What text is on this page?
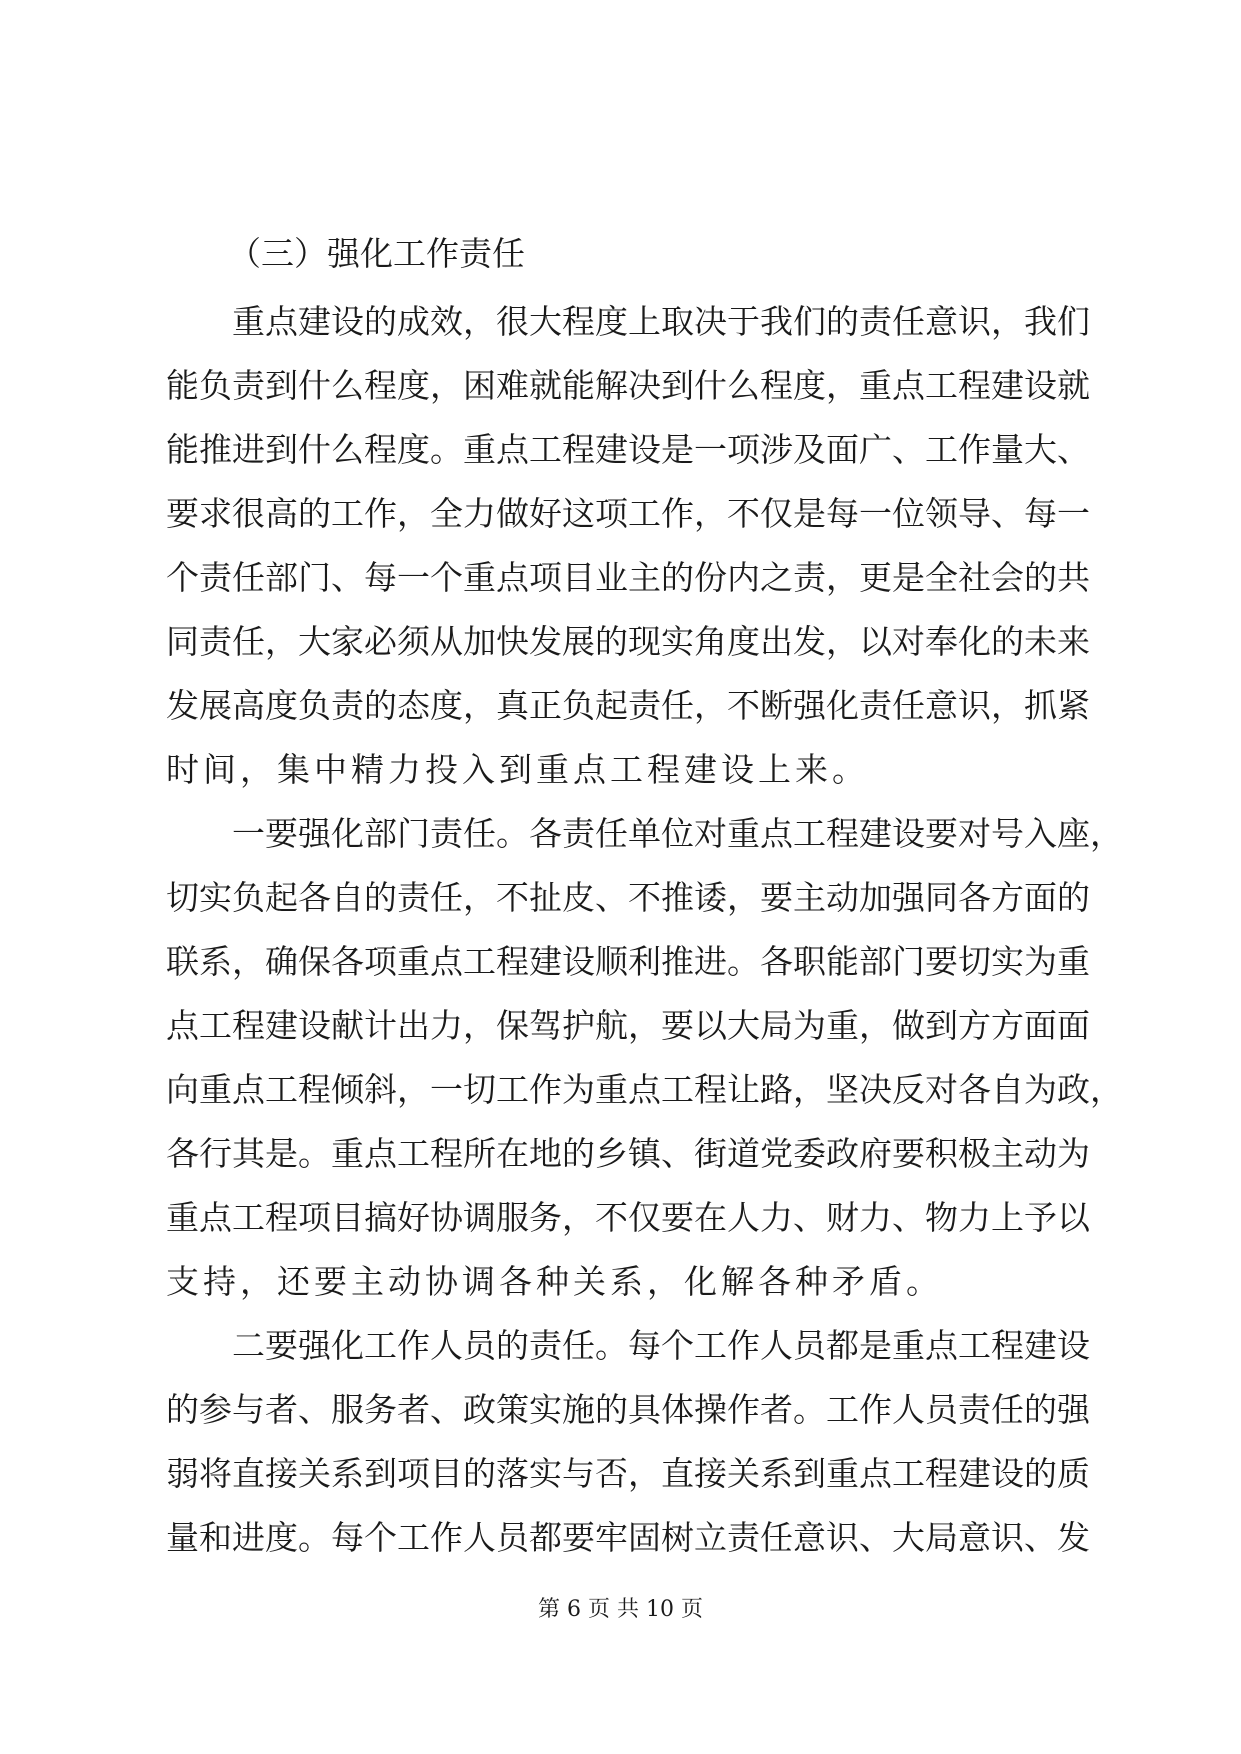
（三）强化工作责任
重 点 建 设 的 成 效 ， 很 大 程 度 上 取 决 于 我 们 的 责 任 意 识 ， 我 们
能 负 责 到 什 么 程 度 ， 困 难 就 能 解 决 到 什 么 程 度 ， 重 点 工 程 建 设 就
能 推 进 到 什 么 程 度 。 重 点 工 程 建 设 是 一 项 涉 及 面 广 、 工 作 量 大 、
要 求 很 高 的 工 作 ， 全 力 做 好 这 项 工 作 ， 不 仅 是 每 一 位 领 导 、 每 一
个 责 任 部 门 、 每 一 个 重 点 项 目 业 主 的 份 内 之 责 ， 更 是 全 社 会 的 共
同 责 任 ， 大 家 必 须 从 加 快 发 展 的 现 实 角 度 出 发 ， 以 对 奉 化 的 未 来
发 展 高 度 负 责 的 态 度 ， 真 正 负 起 责 任 ， 不 断 强 化 责 任 意 识 ， 抓 紧
时间，集中精力投入到重点工程建设上来。
一 要 强 化 部 门 责 任 。 各 责 任 单 位 对 重 点 工 程 建 设 要 对 号 入 座 ，
切 实 负 起 各 自 的 责 任 ， 不 扯 皮 、 不 推 诿 ， 要 主 动 加 强 同 各 方 面 的
联 系 ， 确 保 各 项 重 点 工 程 建 设 顺 利 推 进 。 各 职 能 部 门 要 切 实 为 重
点 工 程 建 设 献 计 出 力 ， 保 驾 护 航 ， 要 以 大 局 为 重 ， 做 到 方 方 面 面
向 重 点 工 程 倾 斜 ， 一 切 工 作 为 重 点 工 程 让 路 ， 坚 决 反 对 各 自 为 政 ，
各 行 其 是 。 重 点 工 程 所 在 地 的 乡 镇 、 街 道 党 委 政 府 要 积 极 主 动 为
重 点 工 程 项 目 搞 好 协 调 服 务 ， 不 仅 要 在 人 力 、 财 力 、 物 力 上 予 以
支持，还要主动协调各种关系，化解各种矛盾。
二 要 强 化 工 作 人 员 的 责 任 。 每 个 工 作 人 员 都 是 重 点 工 程 建 设
的 参 与 者 、 服 务 者 、 政 策 实 施 的 具 体 操 作 者 。 工 作 人 员 责 任 的 强
弱 将 直 接 关 系 到 项 目 的 落 实 与 否 ， 直 接 关 系 到 重 点 工 程 建 设 的 质
量 和 进 度 。 每 个 工 作 人 员 都 要 牢 固 树 立 责 任 意 识 、 大 局 意 识 、 发
第 6 页 共 10 页
